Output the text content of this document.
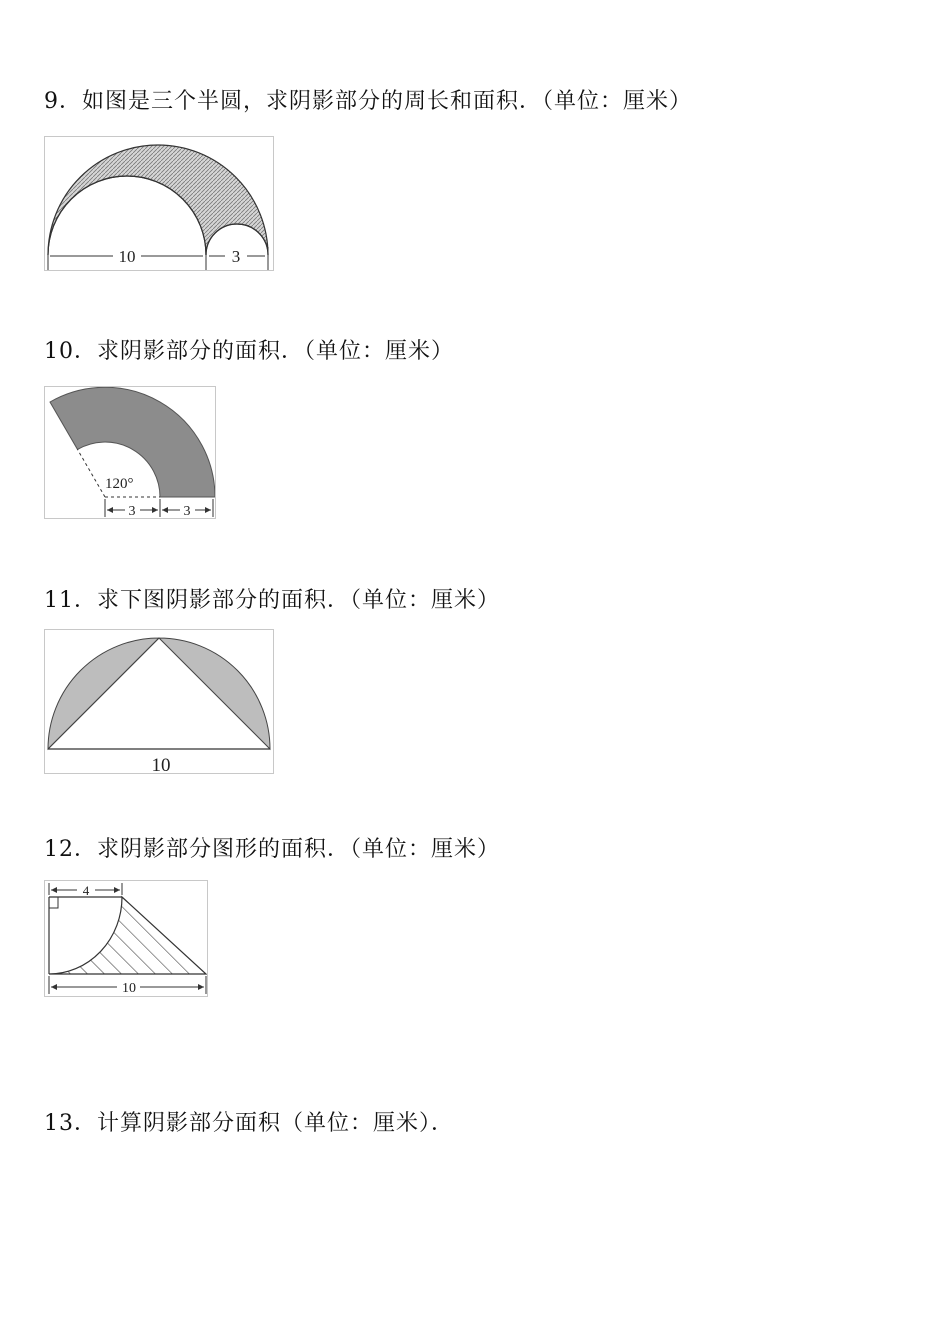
9．如图是三个半圆，求阴影部分的周长和面积．（单位：厘米）
10	3
10．求阴影部分的面积．（单位：厘米）
120°
3	3
11．求下图阴影部分的面积．（单位：厘米）
10
12．求阴影部分图形的面积．（单位：厘米）
4
10
13．计算阴影部分面积（单位：厘米）．
